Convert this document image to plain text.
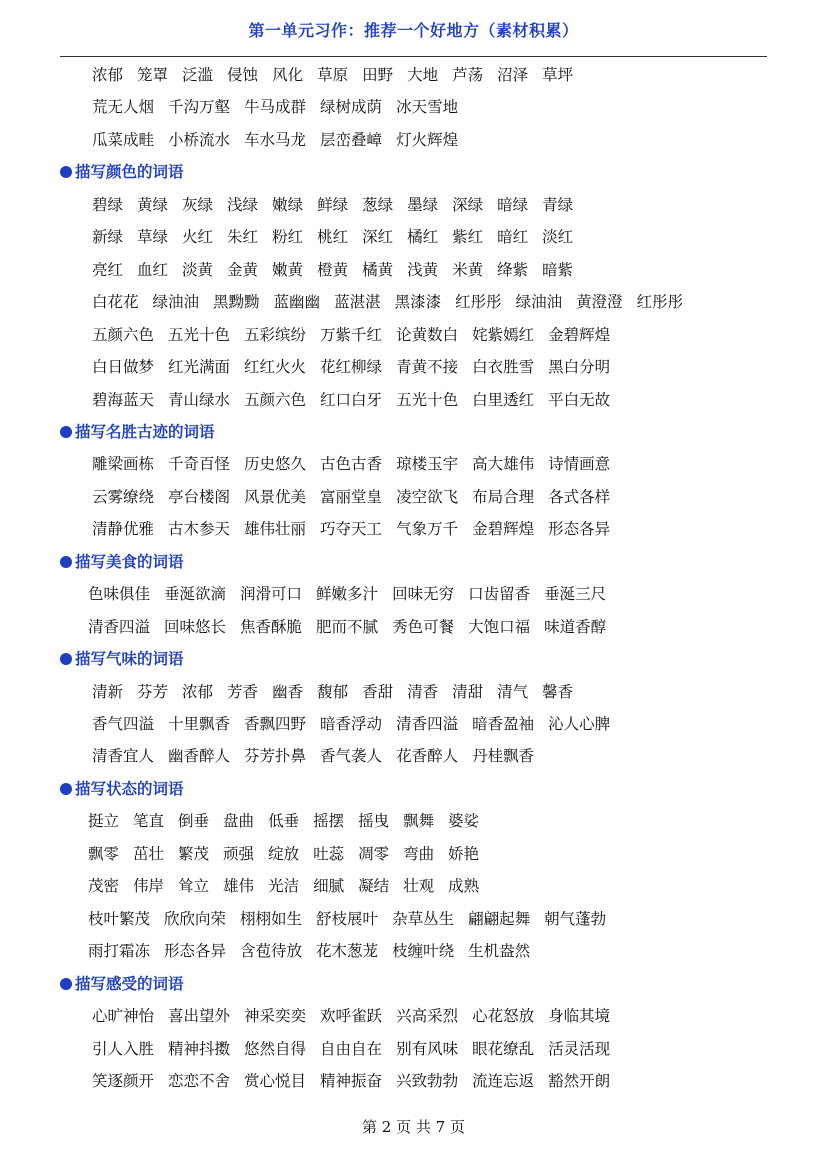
第一单元习作：推荐一个好地方（素材积累）
浓郁 笼罩 泛滥 侵蚀 风化 草原 田野 大地 芦荡 沼泽 草坪
荒无人烟 千沟万壑 牛马成群 绿树成荫 冰天雪地
瓜菜成畦 小桥流水 车水马龙 层峦叠嶂 灯火辉煌
描写颜色的词语
碧绿 黄绿 灰绿 浅绿 嫩绿 鲜绿 葱绿 墨绿 深绿 暗绿 青绿
新绿 草绿 火红 朱红 粉红 桃红 深红 橘红 紫红 暗红 淡红
亮红 血红 淡黄 金黄 嫩黄 橙黄 橘黄 浅黄 米黄 绛紫 暗紫
白花花 绿油油 黑黝黝 蓝幽幽 蓝湛湛 黑漆漆 红彤彤 绿油油 黄澄澄 红彤彤
五颜六色 五光十色 五彩缤纷 万紫千红 论黄数白 姹紫嫣红 金碧辉煌
白日做梦 红光满面 红红火火 花红柳绿 青黄不接 白衣胜雪 黑白分明
碧海蓝天 青山绿水 五颜六色 红口白牙 五光十色 白里透红 平白无故
描写名胜古迹的词语
雕梁画栋 千奇百怪 历史悠久 古色古香 琼楼玉宇 高大雄伟 诗情画意
云雾缭绕 亭台楼阁 风景优美 富丽堂皇 凌空欲飞 布局合理 各式各样
清静优雅 古木参天 雄伟壮丽 巧夺天工 气象万千 金碧辉煌 形态各异
描写美食的词语
色味俱佳 垂涎欲滴 润滑可口 鲜嫩多汁 回味无穷 口齿留香 垂涎三尺
清香四溢 回味悠长 焦香酥脆 肥而不腻 秀色可餐 大饱口福 味道香醇
描写气味的词语
清新 芬芳 浓郁 芳香 幽香 馥郁 香甜 清香 清甜 清气 馨香
香气四溢 十里飘香 香飘四野 暗香浮动 清香四溢 暗香盈袖 沁人心脾
清香宜人 幽香醉人 芬芳扑鼻 香气袭人 花香醉人 丹桂飘香
描写状态的词语
挺立 笔直 倒垂 盘曲 低垂 摇摆 摇曳 飘舞 婆娑
飘零 茁壮 繁茂 顽强 绽放 吐蕊 凋零 弯曲 娇艳
茂密 伟岸 耸立 雄伟 光洁 细腻 凝结 壮观 成熟
枝叶繁茂 欣欣向荣 栩栩如生 舒枝展叶 杂草丛生 翩翩起舞 朝气蓬勃
雨打霜冻 形态各异 含苞待放 花木葱茏 枝缠叶绕 生机盎然
描写感受的词语
心旷神怡 喜出望外 神采奕奕 欢呼雀跃 兴高采烈 心花怒放 身临其境
引人入胜 精神抖擞 悠然自得 自由自在 别有风味 眼花缭乱 活灵活现
笑逐颜开 恋恋不舍 赏心悦目 精神振奋 兴致勃勃 流连忘返 豁然开朗
第 2 页 共 7 页
